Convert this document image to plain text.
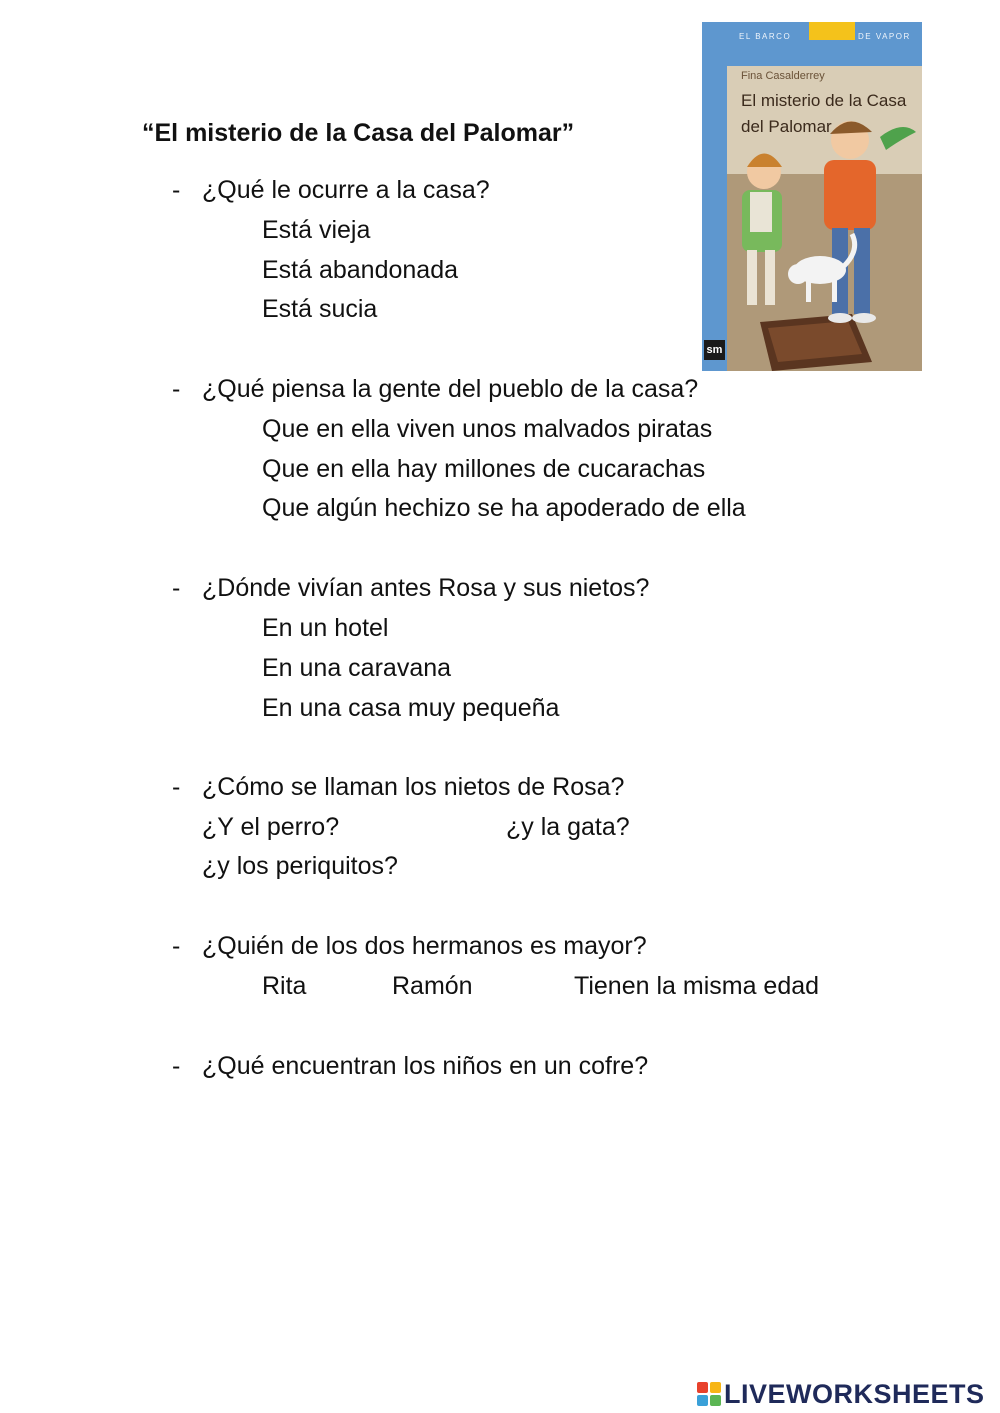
“El misterio de la Casa del Palomar”
- ¿Qué le ocurre a la casa?
Está vieja
Está abandonada
Está sucia
- ¿Qué piensa la gente del pueblo de la casa?
Que en ella viven unos malvados piratas
Que en ella hay millones de cucarachas
Que algún hechizo se ha apoderado de ella
- ¿Dónde vivían antes Rosa y sus nietos?
En un hotel
En una caravana
En una casa muy pequeña
- ¿Cómo se llaman los nietos de Rosa?
¿Y el perro?	¿y la gata?
¿y los periquitos?
- ¿Quién de los dos hermanos es mayor?
Rita	Ramón	Tienen la misma edad
- ¿Qué encuentran los niños en un cofre?
EL BARCO	DE VAPOR
Fina Casalderrey
El misterio de la Casa del Palomar
sm
LIVEWORKSHEETS
